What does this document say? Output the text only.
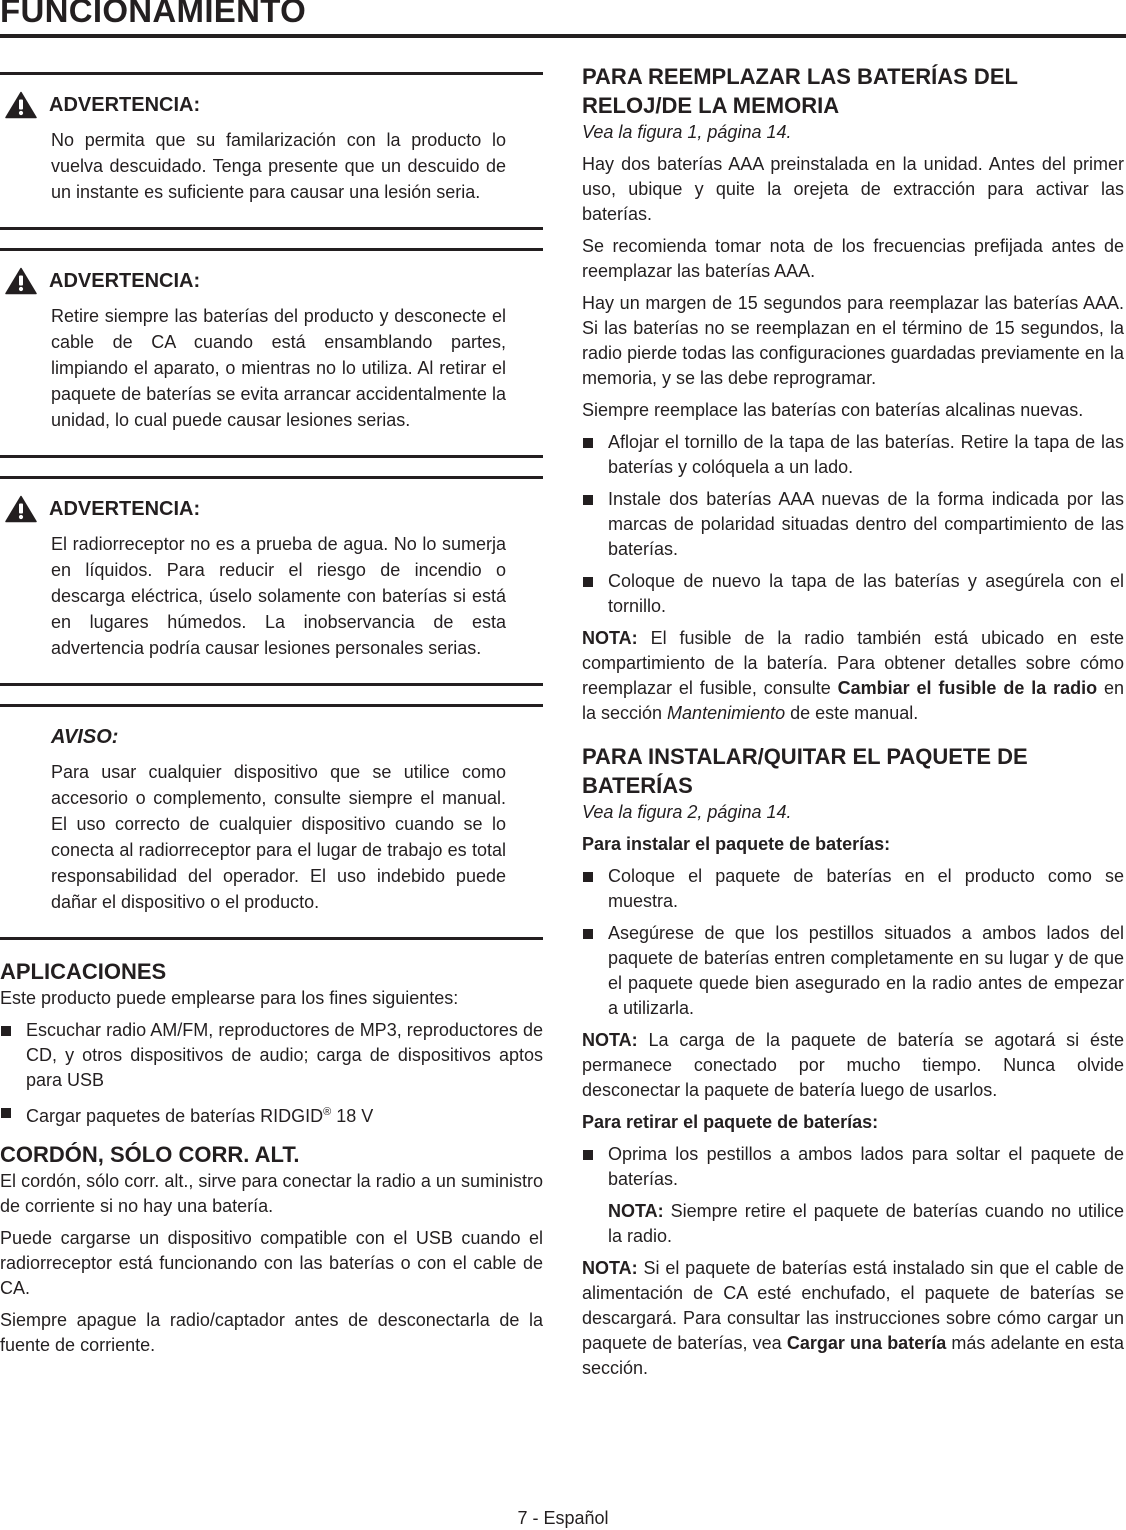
FUNCIONAMIENTO
ADVERTENCIA:
No permita que su familarización con la producto lo vuelva descuidado. Tenga presente que un descuido de un instante es suficiente para causar una lesión seria.
ADVERTENCIA:
Retire siempre las baterías del producto y desconecte el cable de CA cuando está ensamblando partes, limpiando el aparato, o mientras no lo utiliza. Al retirar el paquete de baterías se evita arrancar accidentalmente la unidad, lo cual puede causar lesiones serias.
ADVERTENCIA:
El radiorreceptor no es a prueba de agua. No lo sumerja en líquidos. Para reducir el riesgo de incendio o descarga eléctrica, úselo solamente con baterías si está en lugares húmedos. La inobservancia de esta advertencia podría causar lesiones personales serias.
AVISO:
Para usar cualquier dispositivo que se utilice como accesorio o complemento, consulte siempre el manual. El uso correcto de cualquier dispositivo cuando se lo conecta al radiorreceptor para el lugar de trabajo es total responsabilidad del operador. El uso indebido puede dañar el dispositivo o el producto.
APLICACIONES

Este producto puede emplearse para los fines siguientes:

Escuchar radio AM/FM, reproductores de MP3, reproductores de CD, y otros dispositivos de audio; carga de dispositivos aptos para USB
Cargar paquetes de baterías RIDGID® 18 V
CORDÓN, SÓLO CORR. ALT.

El cordón, sólo corr. alt., sirve para conectar la radio a un suministro de corriente si no hay una batería.

Puede cargarse un dispositivo compatible con el USB cuando el radiorreceptor está funcionando con las baterías o con el cable de CA.

Siempre apague la radio/captador antes de desconectarla de la fuente de corriente.

PARA REEMPLAZAR LAS BATERÍAS DEL RELOJ/DE LA MEMORIA

Vea la figura 1, página 14.

Hay dos baterías AAA preinstalada en la unidad. Antes del primer uso, ubique y quite la orejeta de extracción para activar las baterías.

Se recomienda tomar nota de los frecuencias prefijada antes de reemplazar las baterías AAA.

Hay un margen de 15 segundos para reemplazar las baterías AAA. Si las baterías no se reemplazan en el término de 15 segundos, la radio pierde todas las configuraciones guardadas previamente en la memoria, y se las debe reprogramar.

Siempre reemplace las baterías con baterías alcalinas nuevas.

Aflojar el tornillo de la tapa de las baterías. Retire la tapa de las baterías y colóquela a un lado.
Instale dos baterías AAA nuevas de la forma indicada por las marcas de polaridad situadas dentro del compartimiento de las baterías.
Coloque de nuevo la tapa de las baterías y asegúrela con el tornillo.

NOTA: El fusible de la radio también está ubicado en este compartimiento de la batería. Para obtener detalles sobre cómo reemplazar el fusible, consulte Cambiar el fusible de la radio en la sección Mantenimiento de este manual.

PARA INSTALAR/QUITAR EL PAQUETE DE BATERÍAS

Vea la figura 2, página 14.

Para instalar el paquete de baterías:

Coloque el paquete de baterías en el producto como se muestra.
Asegúrese de que los pestillos situados a ambos lados del paquete de baterías entren completamente en su lugar y de que el paquete quede bien asegurado en la radio antes de empezar a utilizarla.

NOTA: La carga de la paquete de batería se agotará si éste permanece conectado por mucho tiempo. Nunca olvide desconectar la paquete de batería luego de usarlos.

Para retirar el paquete de baterías:

Oprima los pestillos a ambos lados para soltar el paquete de baterías.
NOTA: Siempre retire el paquete de baterías cuando no utilice la radio.

NOTA: Si el paquete de baterías está instalado sin que el cable de alimentación de CA esté enchufado, el paquete de baterías se descargará. Para consultar las instrucciones sobre cómo cargar un paquete de baterías, vea Cargar una batería más adelante en esta sección.

7 - Español
